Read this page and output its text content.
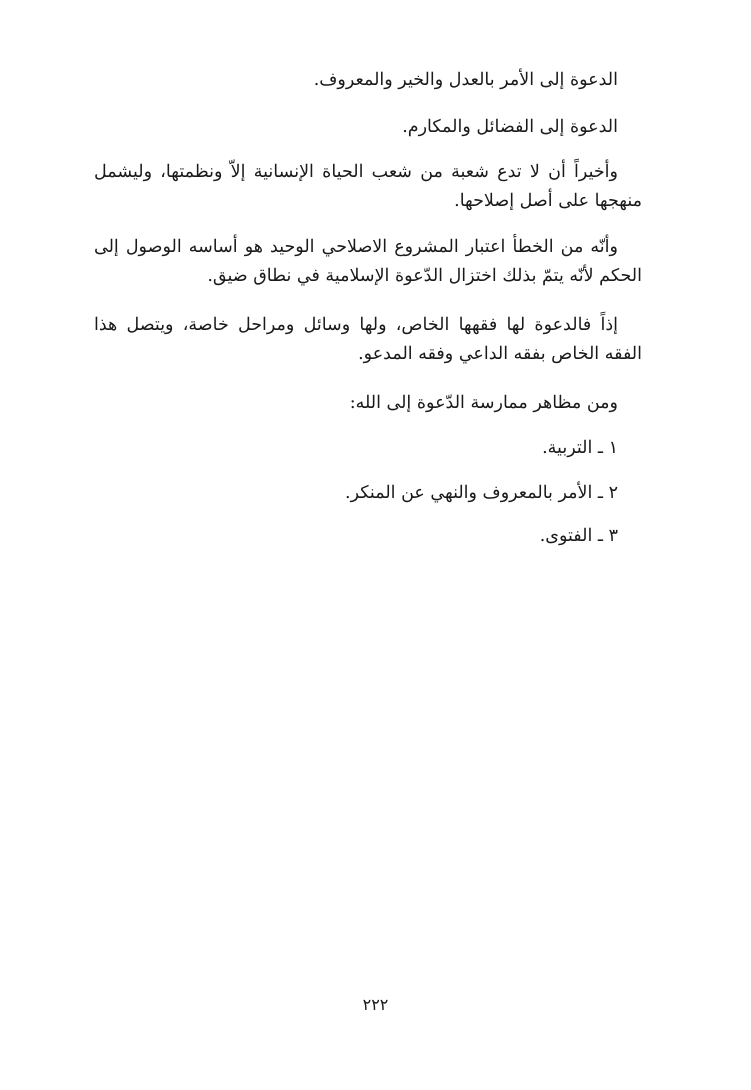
الدعوة إلى الأمر بالعدل والخير والمعروف.

الدعوة إلى الفضائل والمكارم.

وأخيراً أن لا تدع شعبة من شعب الحياة الإنسانية إلاّ ونظمتها، وليشمل منهجها على أصل إصلاحها.

وأنّه من الخطأ اعتبار المشروع الاصلاحي الوحيد هو أساسه الوصول إلى الحكم لأنّه يتمّ بذلك اختزال الدّعوة الإسلامية في نطاق ضيق.

إذاً فالدعوة لها فقهها الخاص، ولها وسائل ومراحل خاصة، ويتصل هذا الفقه الخاص بفقه الداعي وفقه المدعو.

ومن مظاهر ممارسة الدّعوة إلى الله:

١ ـ التربية.

٢ ـ الأمر بالمعروف والنهي عن المنكر.

٣ ـ الفتوى.

٢٢٢
